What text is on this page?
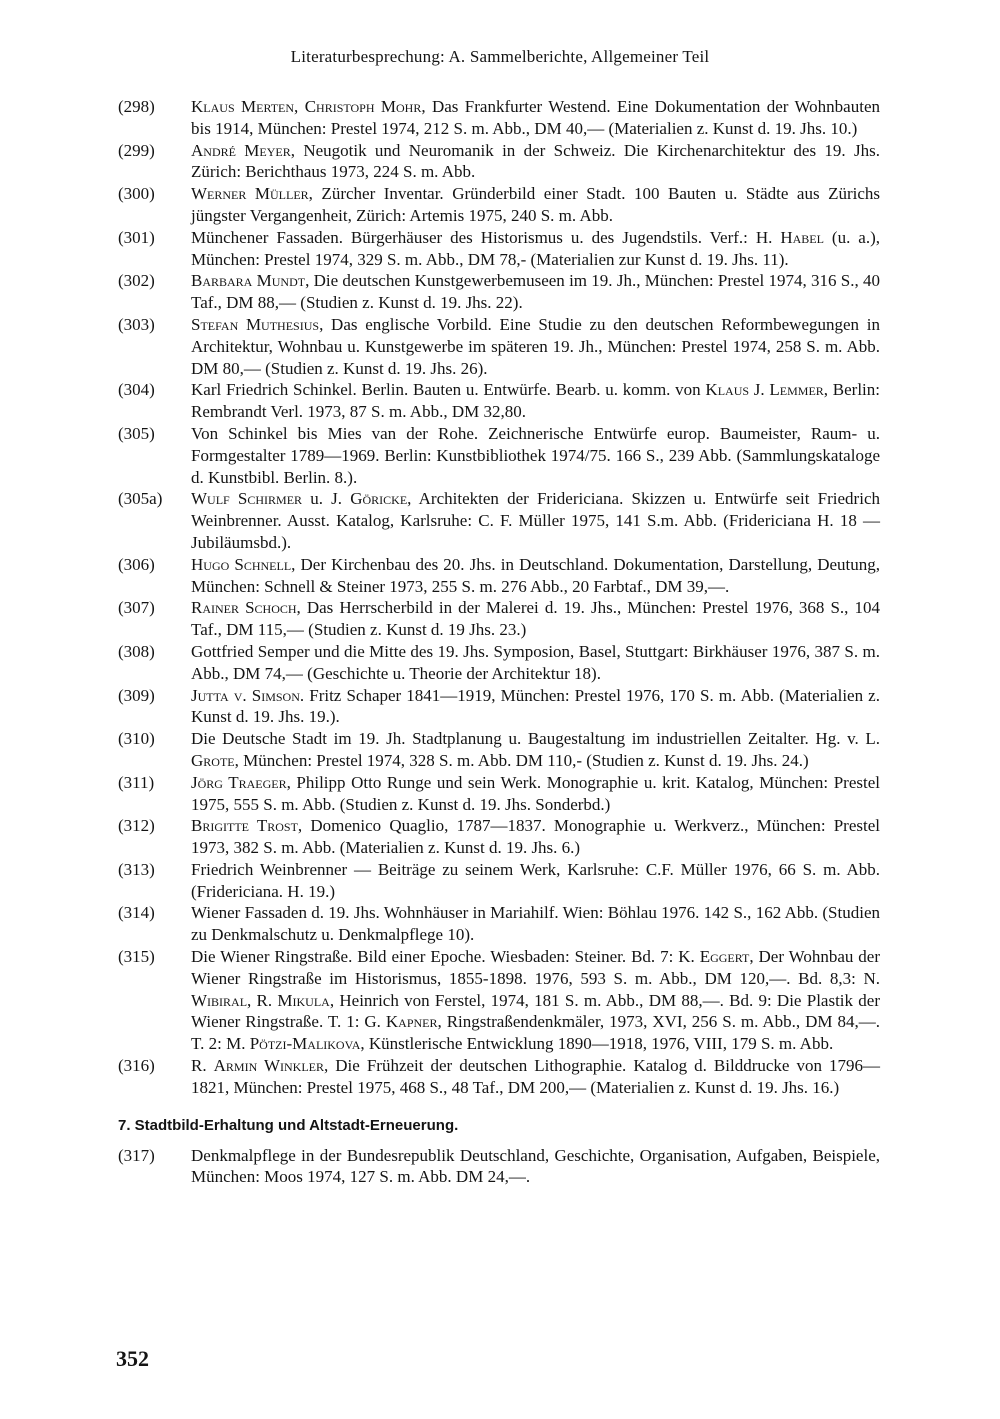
Literaturbesprechung: A. Sammelberichte, Allgemeiner Teil
(298) Klaus Merten, Christoph Mohr, Das Frankfurter Westend. Eine Dokumentation der Wohnbauten bis 1914, München: Prestel 1974, 212 S. m. Abb., DM 40,— (Materialien z. Kunst d. 19. Jhs. 10.)
(299) André Meyer, Neugotik und Neuromanik in der Schweiz. Die Kirchenarchitektur des 19. Jhs. Zürich: Berichthaus 1973, 224 S. m. Abb.
(300) Werner Müller, Zürcher Inventar. Gründerbild einer Stadt. 100 Bauten u. Städte aus Zürichs jüngster Vergangenheit, Zürich: Artemis 1975, 240 S. m. Abb.
(301) Münchener Fassaden. Bürgerhäuser des Historismus u. des Jugendstils. Verf.: H. Habel (u. a.), München: Prestel 1974, 329 S. m. Abb., DM 78,- (Materialien zur Kunst d. 19. Jhs. 11).
(302) Barbara Mundt, Die deutschen Kunstgewerbemuseen im 19. Jh., München: Prestel 1974, 316 S., 40 Taf., DM 88,— (Studien z. Kunst d. 19. Jhs. 22).
(303) Stefan Muthesius, Das englische Vorbild. Eine Studie zu den deutschen Reformbewegungen in Architektur, Wohnbau u. Kunstgewerbe im späteren 19. Jh., München: Prestel 1974, 258 S. m. Abb. DM 80,— (Studien z. Kunst d. 19. Jhs. 26).
(304) Karl Friedrich Schinkel. Berlin. Bauten u. Entwürfe. Bearb. u. komm. von Klaus J. Lemmer, Berlin: Rembrandt Verl. 1973, 87 S. m. Abb., DM 32,80.
(305) Von Schinkel bis Mies van der Rohe. Zeichnerische Entwürfe europ. Baumeister, Raum- u. Formgestalter 1789—1969. Berlin: Kunstbibliothek 1974/75. 166 S., 239 Abb. (Sammlungskataloge d. Kunstbibl. Berlin. 8.).
(305a) Wulf Schirmer u. J. Göricke, Architekten der Fridericiana. Skizzen u. Entwürfe seit Friedrich Weinbrenner. Ausst. Katalog, Karlsruhe: C. F. Müller 1975, 141 S.m. Abb. (Fridericiana H. 18 — Jubiläumsbd.).
(306) Hugo Schnell, Der Kirchenbau des 20. Jhs. in Deutschland. Dokumentation, Darstellung, Deutung, München: Schnell & Steiner 1973, 255 S. m. 276 Abb., 20 Farbtaf., DM 39,—.
(307) Rainer Schoch, Das Herrscherbild in der Malerei d. 19. Jhs., München: Prestel 1976, 368 S., 104 Taf., DM 115,— (Studien z. Kunst d. 19 Jhs. 23.)
(308) Gottfried Semper und die Mitte des 19. Jhs. Symposion, Basel, Stuttgart: Birkhäuser 1976, 387 S. m. Abb., DM 74,— (Geschichte u. Theorie der Architektur 18).
(309) Jutta v. Simson. Fritz Schaper 1841—1919, München: Prestel 1976, 170 S. m. Abb. (Materialien z. Kunst d. 19. Jhs. 19.).
(310) Die Deutsche Stadt im 19. Jh. Stadtplanung u. Baugestaltung im industriellen Zeitalter. Hg. v. L. Grote, München: Prestel 1974, 328 S. m. Abb. DM 110,- (Studien z. Kunst d. 19. Jhs. 24.)
(311) Jörg Traeger, Philipp Otto Runge und sein Werk. Monographie u. krit. Katalog, München: Prestel 1975, 555 S. m. Abb. (Studien z. Kunst d. 19. Jhs. Sonderbd.)
(312) Brigitte Trost, Domenico Quaglio, 1787—1837. Monographie u. Werkverz., München: Prestel 1973, 382 S. m. Abb. (Materialien z. Kunst d. 19. Jhs. 6.)
(313) Friedrich Weinbrenner — Beiträge zu seinem Werk, Karlsruhe: C.F. Müller 1976, 66 S. m. Abb. (Fridericiana. H. 19.)
(314) Wiener Fassaden d. 19. Jhs. Wohnhäuser in Mariahilf. Wien: Böhlau 1976. 142 S., 162 Abb. (Studien zu Denkmalschutz u. Denkmalpflege 10).
(315) Die Wiener Ringstraße. Bild einer Epoche. Wiesbaden: Steiner. Bd. 7: K. Eggert, Der Wohnbau der Wiener Ringstraße im Historismus, 1855-1898. 1976, 593 S. m. Abb., DM 120,—. Bd. 8,3: N. Wibiral, R. Mikula, Heinrich von Ferstel, 1974, 181 S. m. Abb., DM 88,—. Bd. 9: Die Plastik der Wiener Ringstraße. T. 1: G. Kapner, Ringstraßendenkmäler, 1973, XVI, 256 S. m. Abb., DM 84,—. T. 2: M. Pötzi-Malikova, Künstlerische Entwicklung 1890—1918, 1976, VIII, 179 S. m. Abb.
(316) R. Armin Winkler, Die Frühzeit der deutschen Lithographie. Katalog d. Bilddrucke von 1796—1821, München: Prestel 1975, 468 S., 48 Taf., DM 200,— (Materialien z. Kunst d. 19. Jhs. 16.)
7. Stadtbild-Erhaltung und Altstadt-Erneuerung.
(317) Denkmalpflege in der Bundesrepublik Deutschland, Geschichte, Organisation, Aufgaben, Beispiele, München: Moos 1974, 127 S. m. Abb. DM 24,—.
352
